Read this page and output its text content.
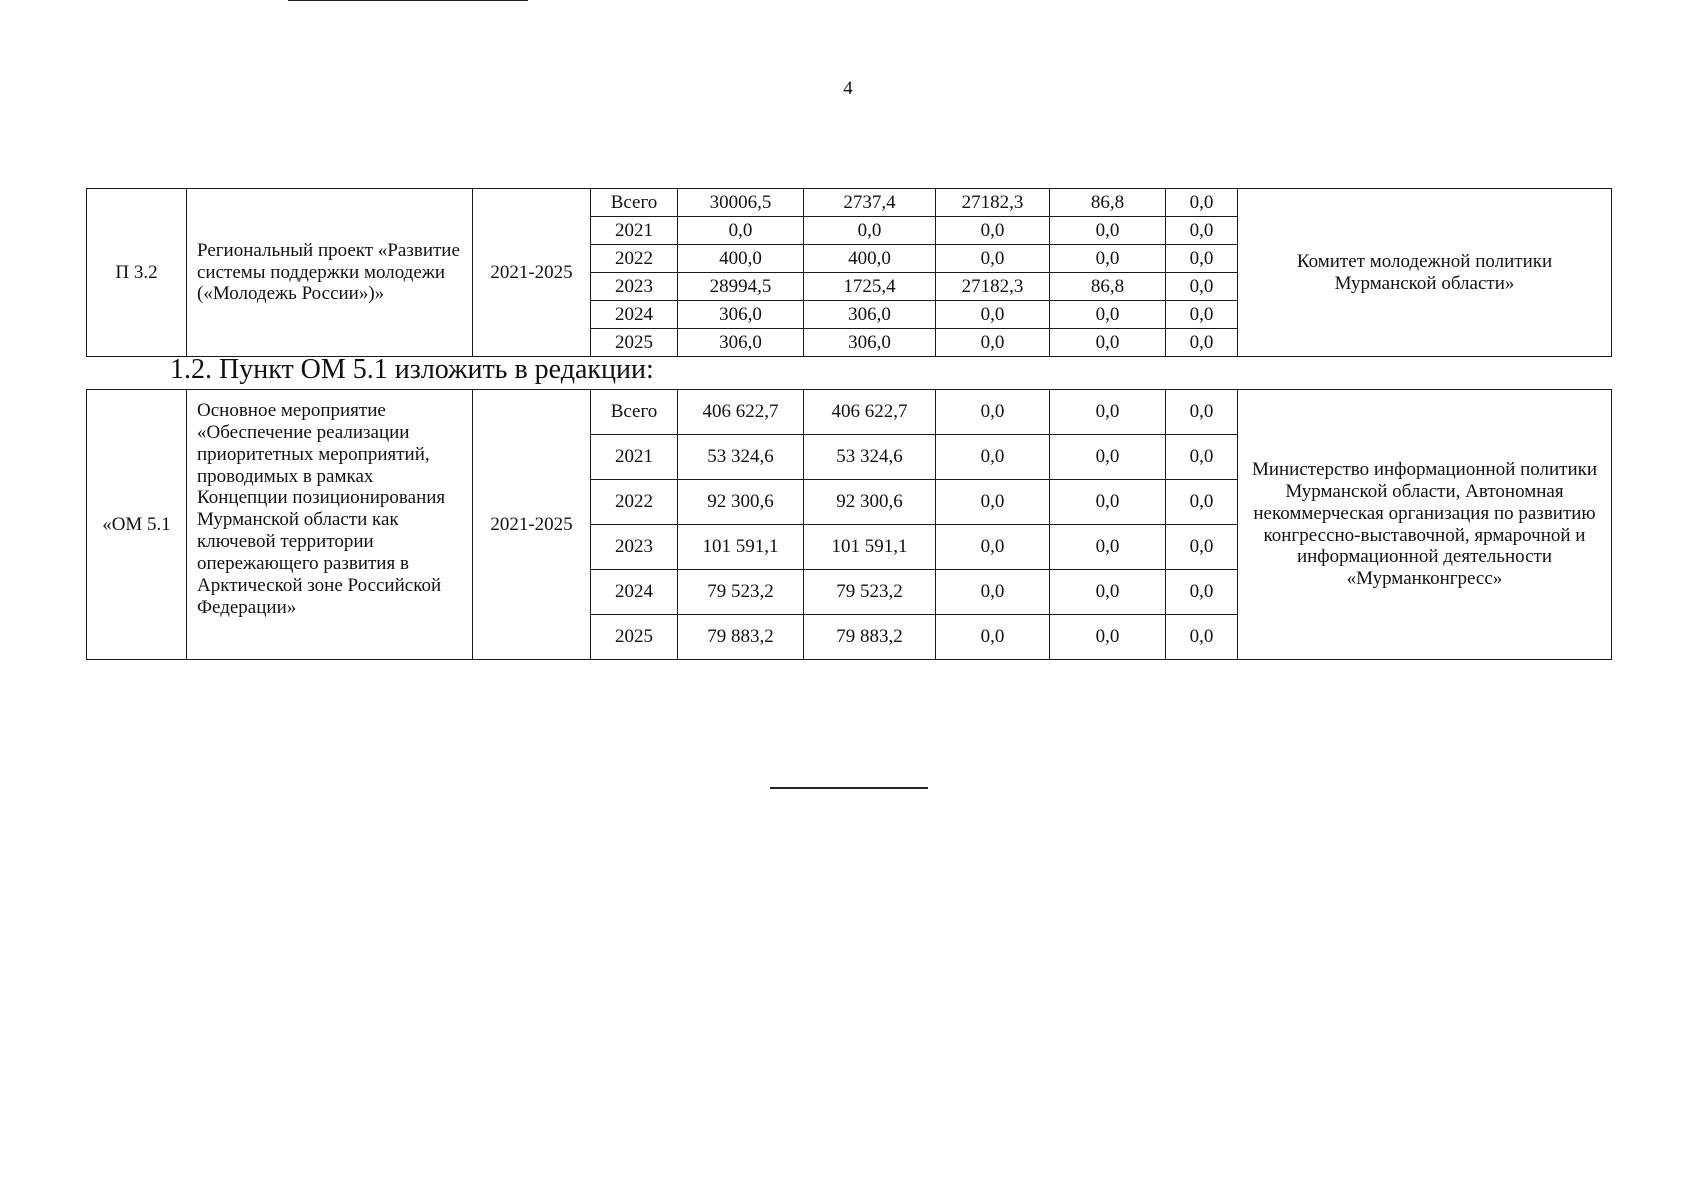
4
П 3.2	Региональный проект «Развитие системы поддержки молодежи («Молодежь России»)»	2021-2025	Всего	30006,5	2737,4	27182,3	86,8	0,0	Комитет молодежной политики Мурманской области»
			2021	0,0	0,0	0,0	0,0	0,0	
			2022	400,0	400,0	0,0	0,0	0,0	
			2023	28994,5	1725,4	27182,3	86,8	0,0	
			2024	306,0	306,0	0,0	0,0	0,0	
			2025	306,0	306,0	0,0	0,0	0,0	
1.2. Пункт ОМ 5.1 изложить в редакции:
«ОМ 5.1	Основное мероприятие «Обеспечение реализации приоритетных мероприятий, проводимых в рамках Концепции позиционирования Мурманской области как ключевой территории опережающего развития в Арктической зоне Российской Федерации»	2021-2025	Всего	406 622,7	406 622,7	0,0	0,0	0,0	Министерство информационной политики Мурманской области, Автономная некоммерческая организация по развитию конгрессно-выставочной, ярмарочной и информационной деятельности «Мурманконгресс»
			2021	53 324,6	53 324,6	0,0	0,0	0,0	
			2022	92 300,6	92 300,6	0,0	0,0	0,0	
			2023	101 591,1	101 591,1	0,0	0,0	0,0	
			2024	79 523,2	79 523,2	0,0	0,0	0,0	
			2025	79 883,2	79 883,2	0,0	0,0	0,0	
